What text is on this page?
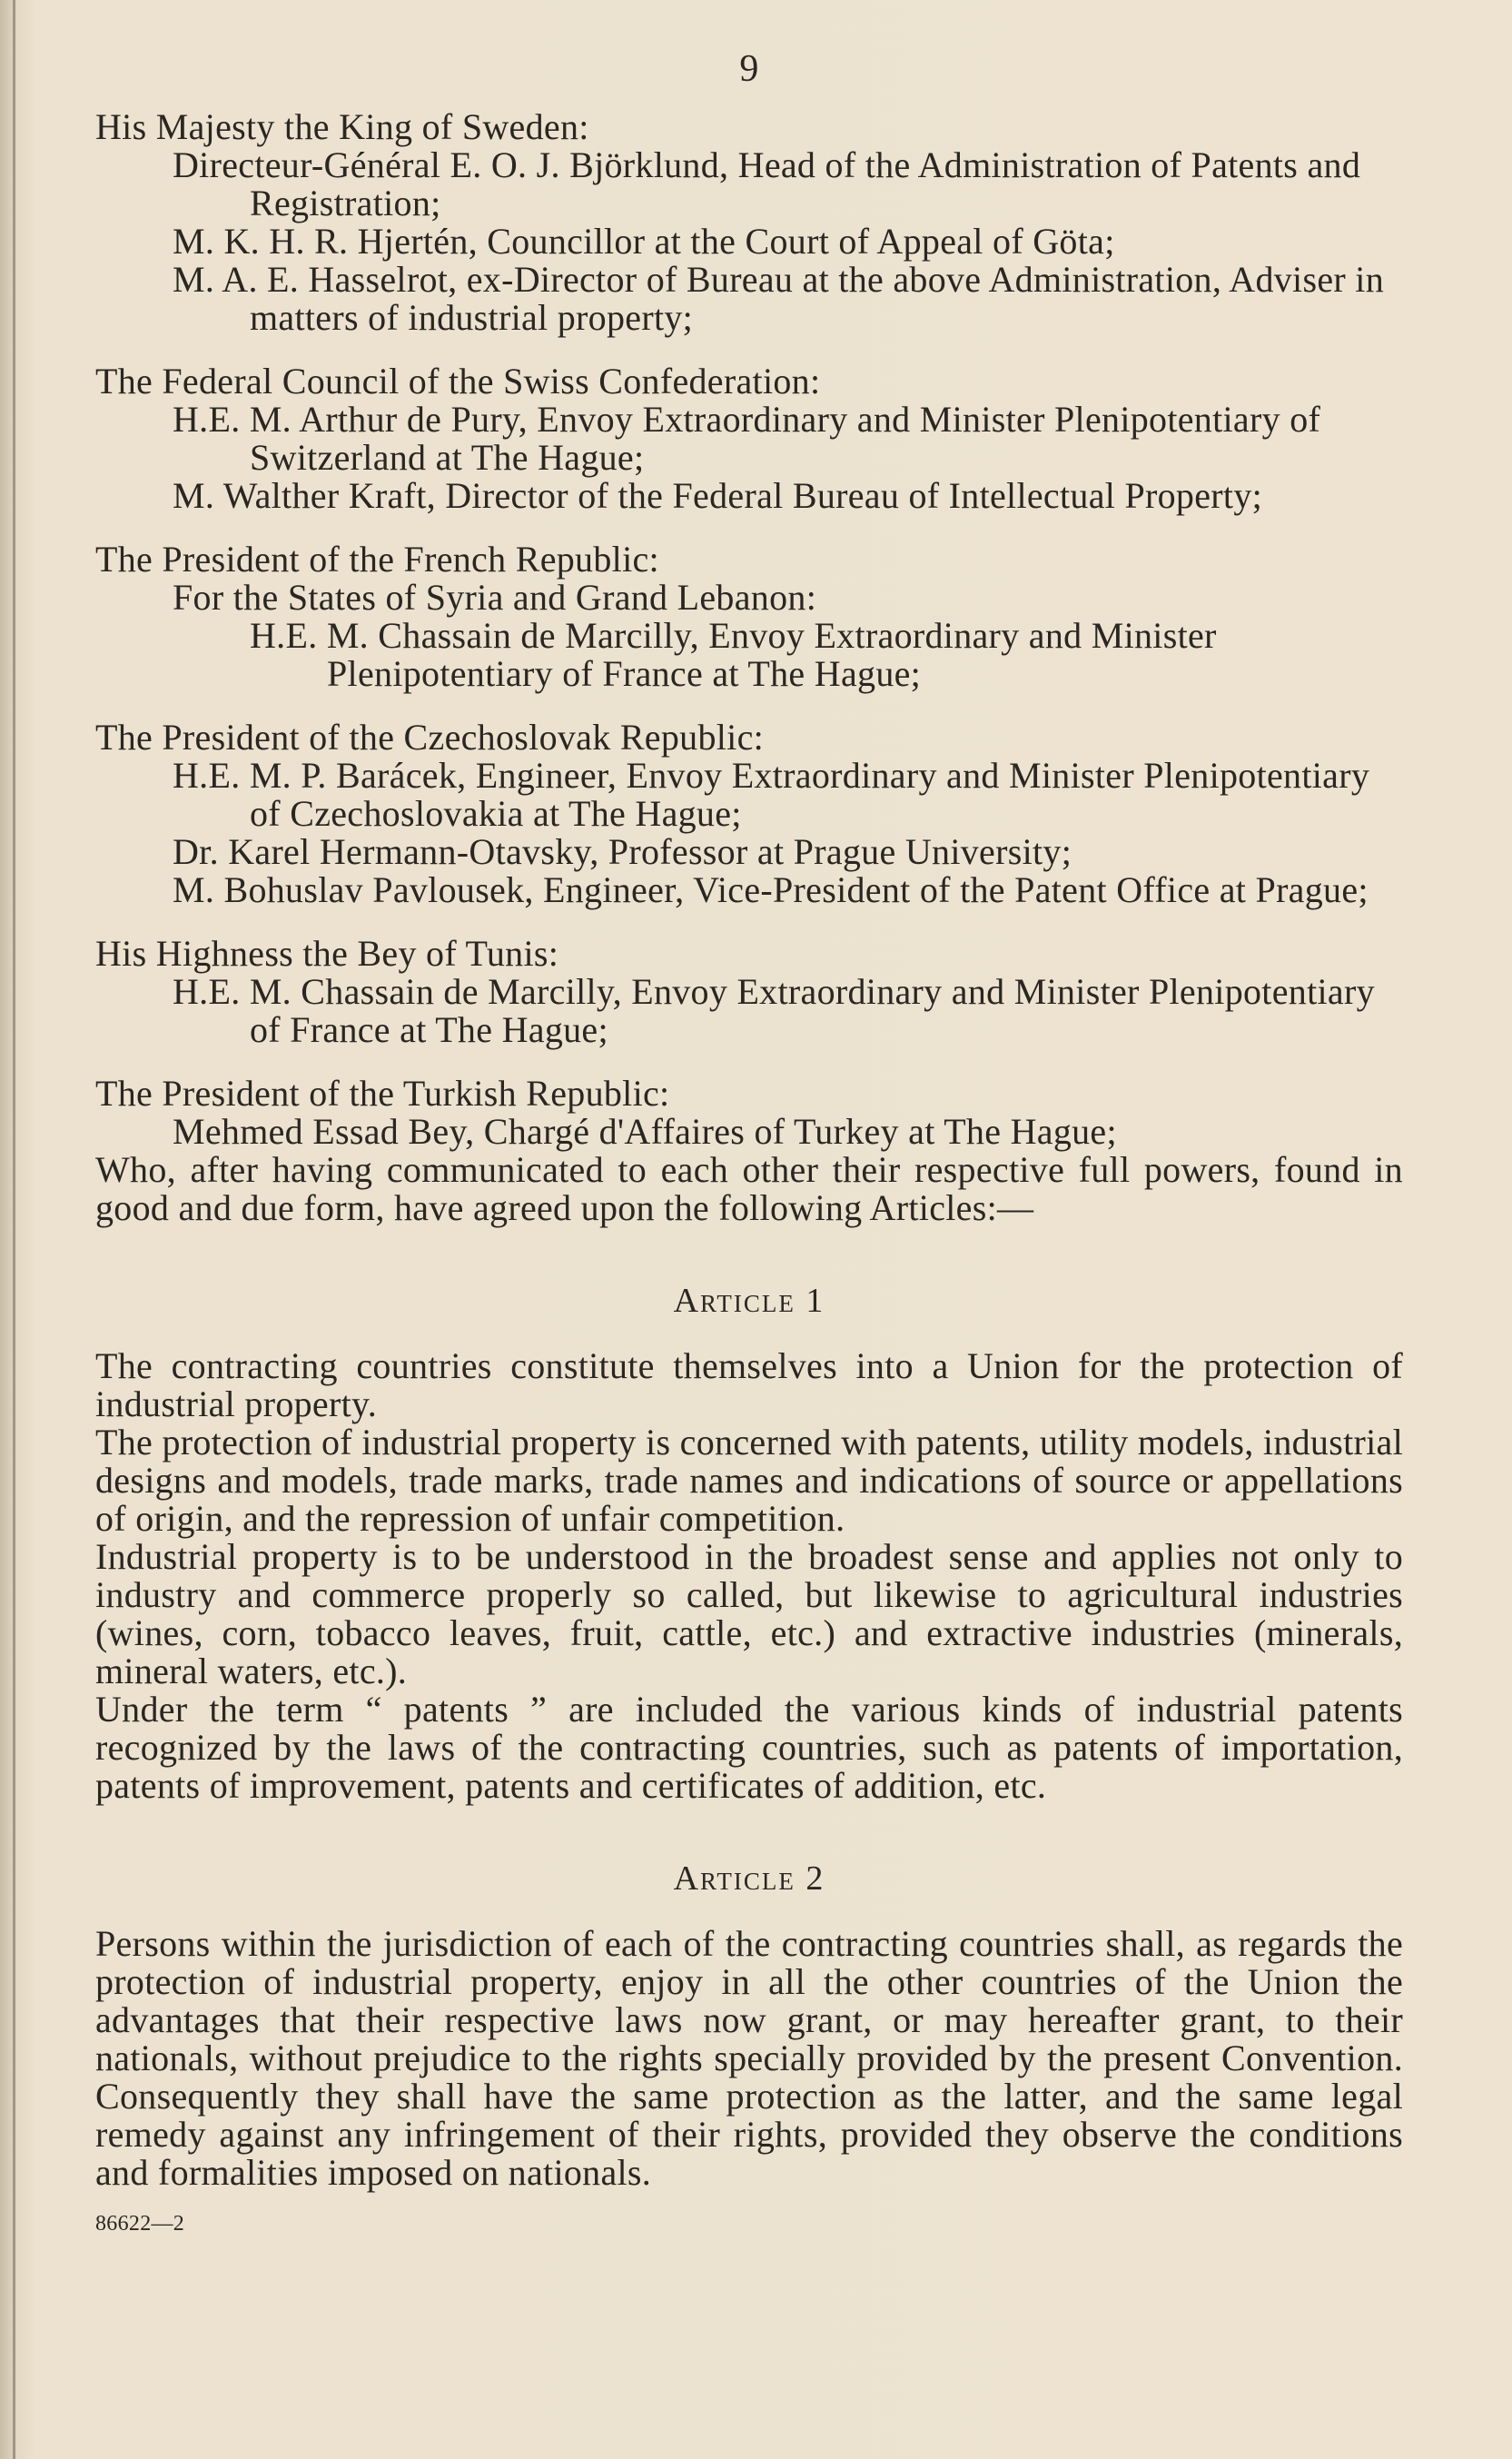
9
His Majesty the King of Sweden:
Directeur-Général E. O. J. Björklund, Head of the Administration of Patents and Registration;
M. K. H. R. Hjertén, Councillor at the Court of Appeal of Göta;
M. A. E. Hasselrot, ex-Director of Bureau at the above Administration, Adviser in matters of industrial property;
The Federal Council of the Swiss Confederation:
H.E. M. Arthur de Pury, Envoy Extraordinary and Minister Plenipotentiary of Switzerland at The Hague;
M. Walther Kraft, Director of the Federal Bureau of Intellectual Property;
The President of the French Republic:
For the States of Syria and Grand Lebanon:
H.E. M. Chassain de Marcilly, Envoy Extraordinary and Minister Plenipotentiary of France at The Hague;
The President of the Czechoslovak Republic:
H.E. M. P. Barácek, Engineer, Envoy Extraordinary and Minister Plenipotentiary of Czechoslovakia at The Hague;
Dr. Karel Hermann-Otavsky, Professor at Prague University;
M. Bohuslav Pavlousek, Engineer, Vice-President of the Patent Office at Prague;
His Highness the Bey of Tunis:
H.E. M. Chassain de Marcilly, Envoy Extraordinary and Minister Plenipotentiary of France at The Hague;
The President of the Turkish Republic:
Mehmed Essad Bey, Chargé d'Affaires of Turkey at The Hague;
Who, after having communicated to each other their respective full powers, found in good and due form, have agreed upon the following Articles:—
Article 1
The contracting countries constitute themselves into a Union for the protection of industrial property.
The protection of industrial property is concerned with patents, utility models, industrial designs and models, trade marks, trade names and indications of source or appellations of origin, and the repression of unfair competition.
Industrial property is to be understood in the broadest sense and applies not only to industry and commerce properly so called, but likewise to agricultural industries (wines, corn, tobacco leaves, fruit, cattle, etc.) and extractive industries (minerals, mineral waters, etc.).
Under the term “ patents ” are included the various kinds of industrial patents recognized by the laws of the contracting countries, such as patents of importation, patents of improvement, patents and certificates of addition, etc.
Article 2
Persons within the jurisdiction of each of the contracting countries shall, as regards the protection of industrial property, enjoy in all the other countries of the Union the advantages that their respective laws now grant, or may hereafter grant, to their nationals, without prejudice to the rights specially provided by the present Convention. Consequently they shall have the same protection as the latter, and the same legal remedy against any infringement of their rights, provided they observe the conditions and formalities imposed on nationals.
86622—2
